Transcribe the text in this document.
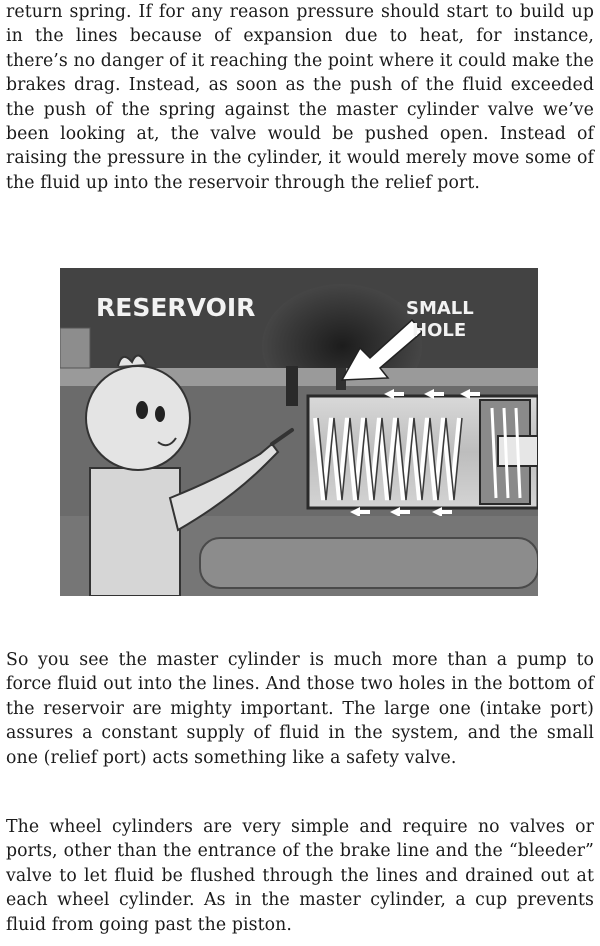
return spring. If for any reason pressure should start to build up in the lines because of expansion due to heat, for instance, there’s no danger of it reaching the point where it could make the brakes drag. Instead, as soon as the push of the fluid exceeded the push of the spring against the master cylinder valve we’ve been looking at, the valve would be pushed open. Instead of raising the pressure in the cylinder, it would merely move some of the fluid up into the reservoir through the relief port.

RESERVOIR	SMALL
HOLE

So you see the master cylinder is much more than a pump to force fluid out into the lines. And those two holes in the bottom of the reservoir are mighty important. The large one (intake port) assures a constant supply of fluid in the system, and the small one (relief port) acts something like a safety valve.

The wheel cylinders are very simple and require no valves or ports, other than the entrance of the brake line and the “bleeder” valve to let fluid be flushed through the lines and drained out at each wheel cylinder. As in the master cylinder, a cup prevents fluid from going past the piston.
